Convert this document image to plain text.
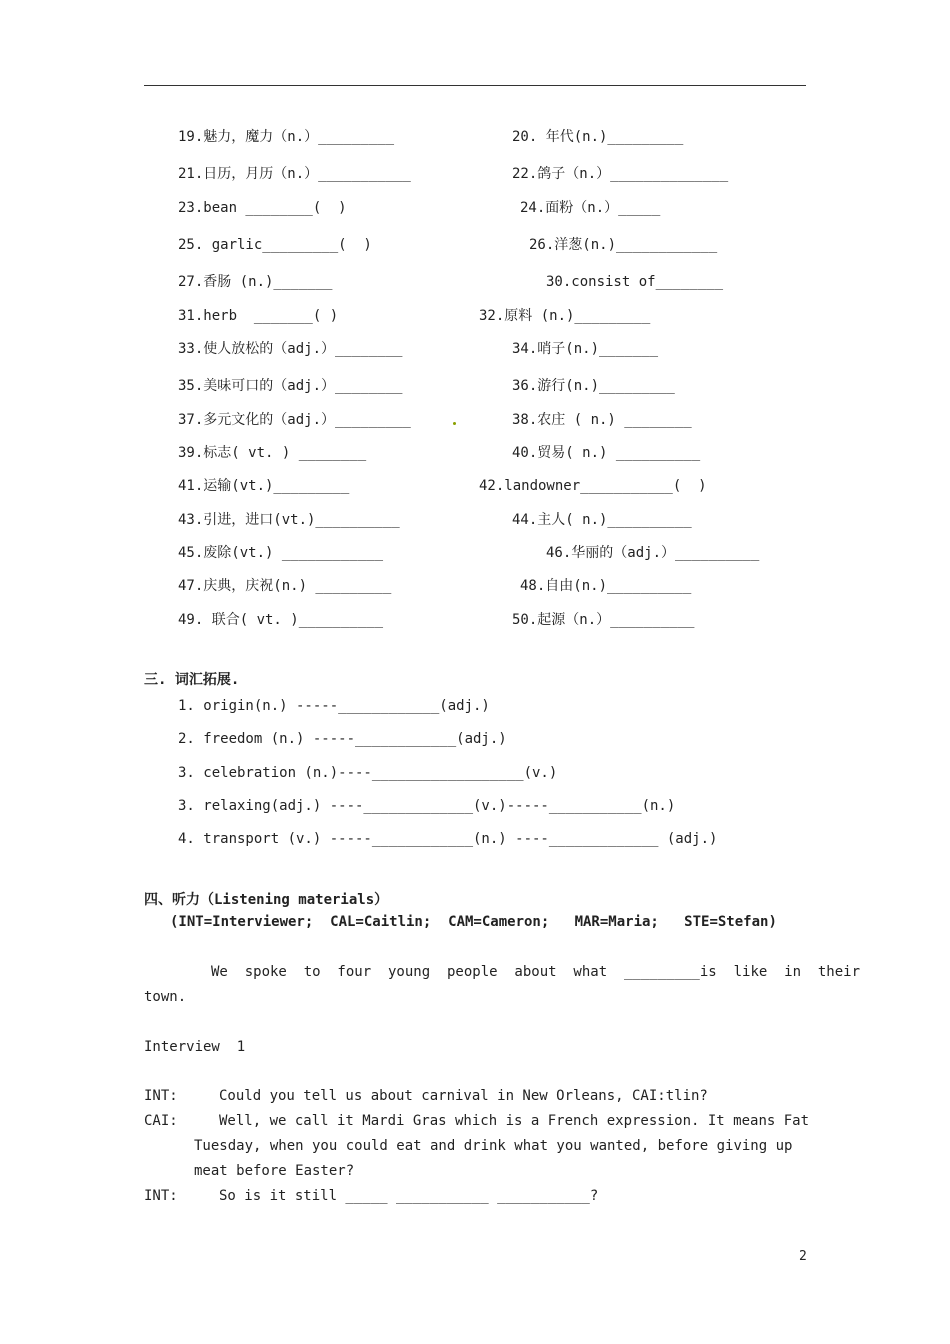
19.魅力，魔力（n.）_________	20. 年代(n.)_________
21.日历，月历（n.）___________	22.鸽子（n.）______________
23.bean ________(  )	24.面粉（n.）_____
25. garlic_________(  )	26.洋葱(n.)____________
27.香肠 (n.)_______	30.consist of________
31.herb  _______( )	32.原料 (n.)_________
33.使人放松的（adj.）________	34.哨子(n.)_______
35.美味可口的（adj.）________	36.游行(n.)_________
37.多元文化的（adj.）_________	38.农庄 ( n.) ________
39.标志( vt. ) ________	40.贸易( n.) __________
41.运输(vt.)_________	42.landowner___________(  )
43.引进，进口(vt.)__________	44.主人( n.)__________
45.废除(vt.) ____________	46.华丽的（adj.）__________
47.庆典，庆祝(n.) _________	48.自由(n.)__________
49. 联合( vt. )__________	50.起源（n.）__________
三. 词汇拓展.
1. origin(n.) -----____________(adj.)
2. freedom (n.) -----____________(adj.)
3. celebration (n.)----__________________(v.)
3. relaxing(adj.) ----_____________(v.)-----___________(n.)
4. transport (v.) -----____________(n.) ----_____________ (adj.)
四、听力（Listening materials）
(INT=Interviewer;  CAL=Caitlin;  CAM=Cameron;   MAR=Maria;   STE=Stefan)
We  spoke  to  four  young  people  about  what  _________is  like  in  their
town.
Interview  1
INT:	Could you tell us about carnival in New Orleans, CAI:tlin?
CAI:	Well, we call it Mardi Gras which is a French expression. It means Fat
Tuesday, when you could eat and drink what you wanted, before giving up
meat before Easter?
INT:	So is it still _____ ___________ ___________?
2
